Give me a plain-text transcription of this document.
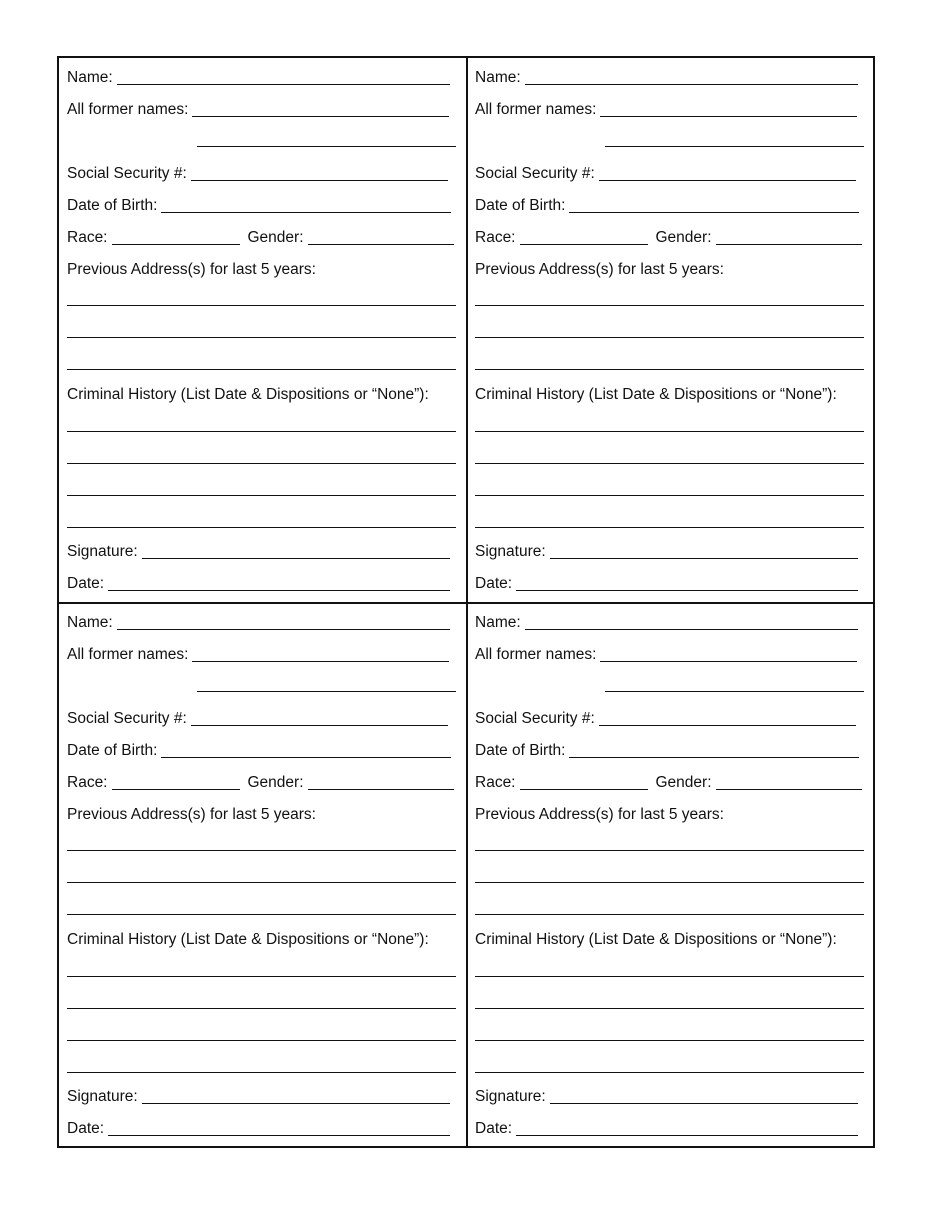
Name:
All former names:
Social Security #:
Date of Birth:
Race:	Gender:
Previous Address(s) for last 5 years:
Criminal History (List Date & Dispositions or “None”):
Signature:
Date:
Name:
All former names:
Social Security #:
Date of Birth:
Race:	Gender:
Previous Address(s) for last 5 years:
Criminal History (List Date & Dispositions or “None”):
Signature:
Date:
Name:
All former names:
Social Security #:
Date of Birth:
Race:	Gender:
Previous Address(s) for last 5 years:
Criminal History (List Date & Dispositions or “None”):
Signature:
Date:
Name:
All former names:
Social Security #:
Date of Birth:
Race:	Gender:
Previous Address(s) for last 5 years:
Criminal History (List Date & Dispositions or “None”):
Signature:
Date:
